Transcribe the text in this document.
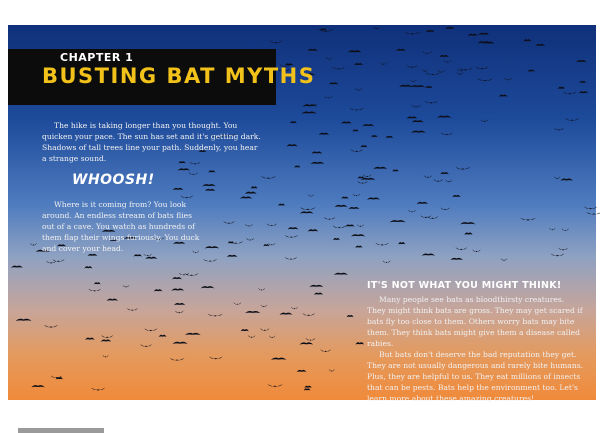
CHAPTER 1
BUSTING BAT MYTHS

The hike is taking longer than you thought. You quicken your pace. The sun has set and it's getting dark. Shadows of tall trees line your path. Suddenly, you hear a strange sound.

WHOOSH!

Where is it coming from? You look around. An endless stream of bats flies out of a cave. You watch as hundreds of them flap their wings furiously. You duck and cover your head.

IT'S NOT WHAT YOU MIGHT THINK!

Many people see bats as bloodthirsty creatures. They might think bats are gross. They may get scared if bats fly too close to them. Others worry bats may bite them. They think bats might give them a disease called rabies.

But bats don't deserve the bad reputation they get. They are not usually dangerous and rarely bite humans. Plus, they are helpful to us. They eat millions of insects that can be pests. Bats help the environment too. Let's learn more about these amazing creatures!

4	5
